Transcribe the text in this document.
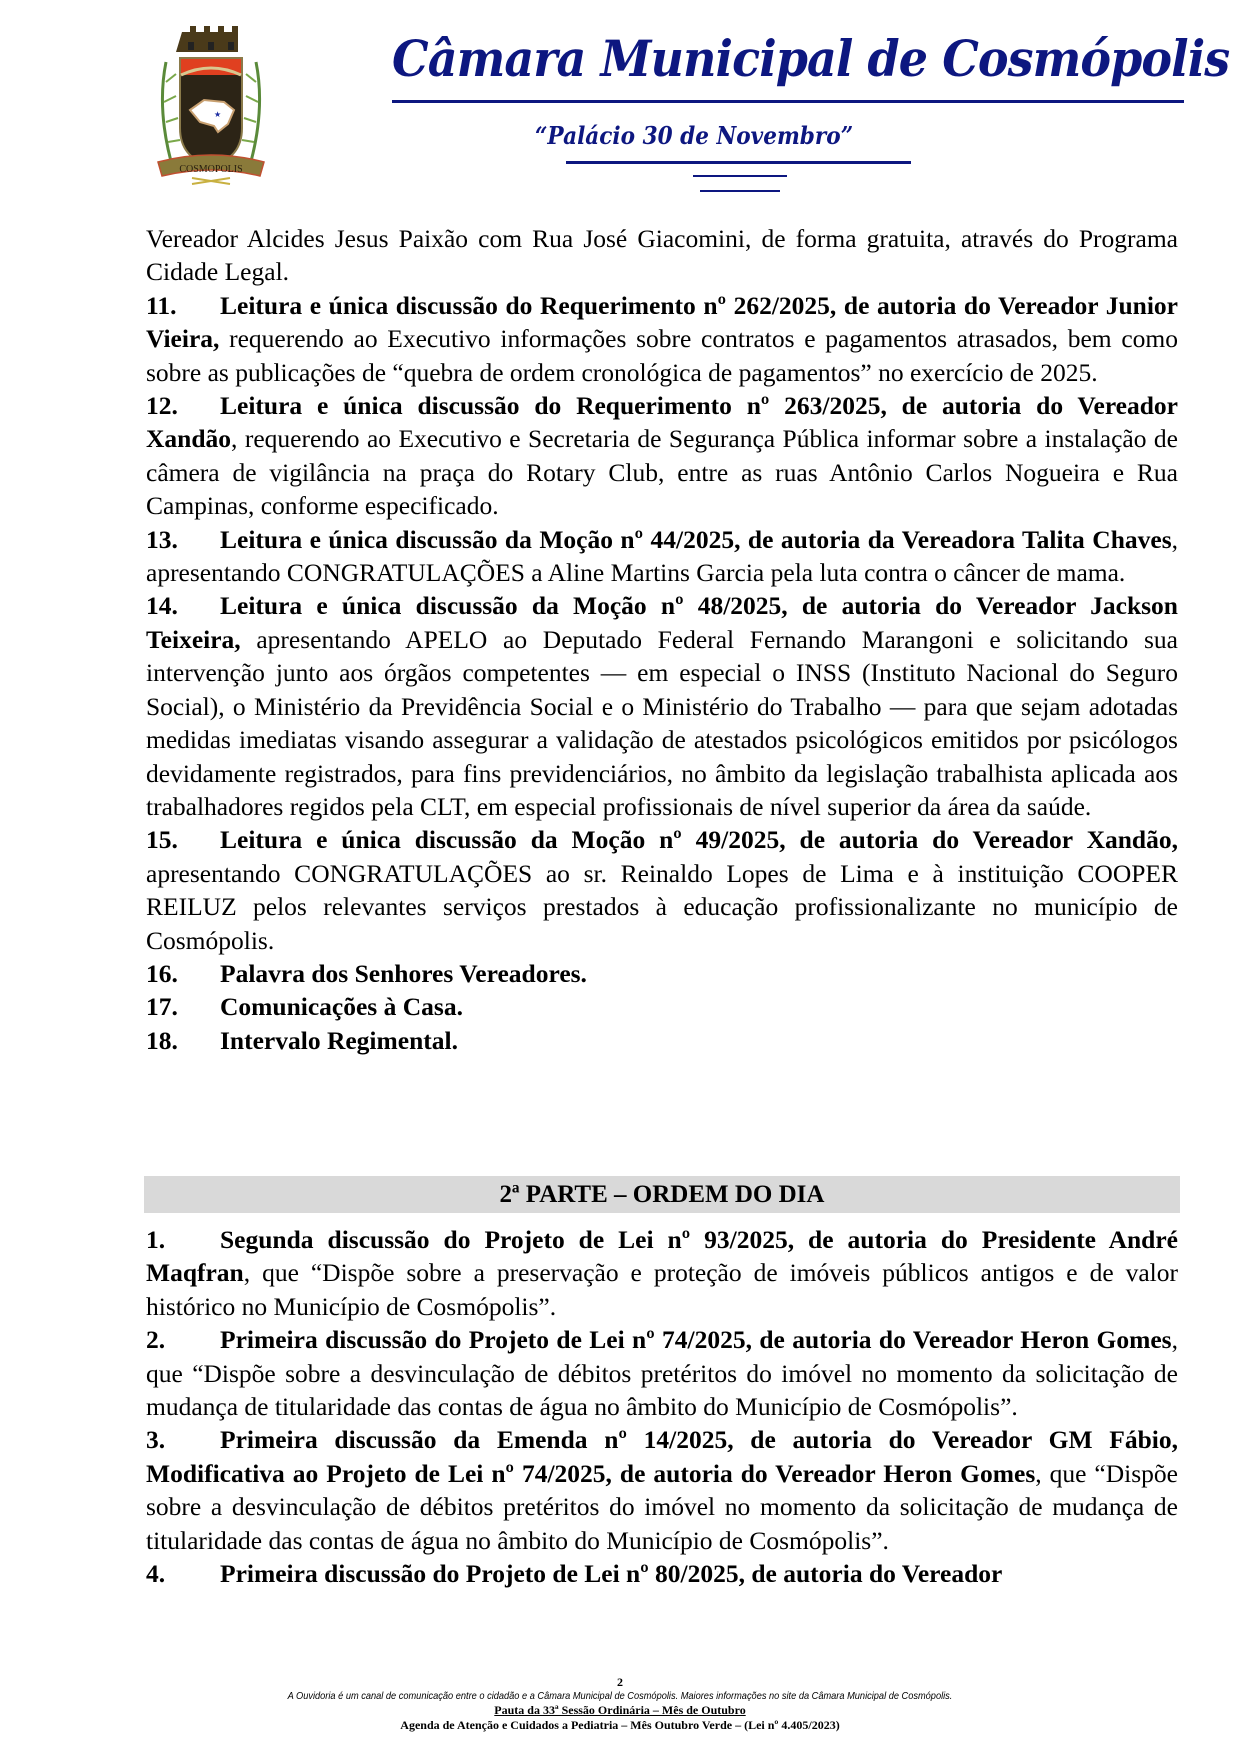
★
COSMOPOLIS
Câmara Municipal de Cosmópolis
“Palácio 30 de Novembro”

Vereador Alcides Jesus Paixão com Rua José Giacomini, de forma gratuita, através do Programa Cidade Legal.

11. Leitura e única discussão do Requerimento nº 262/2025, de autoria do Vereador Junior Vieira, requerendo ao Executivo informações sobre contratos e pagamentos atrasados, bem como sobre as publicações de “quebra de ordem cronológica de pagamentos” no exercício de 2025.

12. Leitura e única discussão do Requerimento nº 263/2025, de autoria do Vereador Xandão, requerendo ao Executivo e Secretaria de Segurança Pública informar sobre a instalação de câmera de vigilância na praça do Rotary Club, entre as ruas Antônio Carlos Nogueira e Rua Campinas, conforme especificado.

13. Leitura e única discussão da Moção nº 44/2025, de autoria da Vereadora Talita Chaves, apresentando CONGRATULAÇÕES a Aline Martins Garcia pela luta contra o câncer de mama.

14. Leitura e única discussão da Moção nº 48/2025, de autoria do Vereador Jackson Teixeira, apresentando APELO ao Deputado Federal Fernando Marangoni e solicitando sua intervenção junto aos órgãos competentes — em especial o INSS (Instituto Nacional do Seguro Social), o Ministério da Previdência Social e o Ministério do Trabalho — para que sejam adotadas medidas imediatas visando assegurar a validação de atestados psicológicos emitidos por psicólogos devidamente registrados, para fins previdenciários, no âmbito da legislação trabalhista aplicada aos trabalhadores regidos pela CLT, em especial profissionais de nível superior da área da saúde.

15. Leitura e única discussão da Moção nº 49/2025, de autoria do Vereador Xandão, apresentando CONGRATULAÇÕES ao sr. Reinaldo Lopes de Lima e à instituição COOPER REILUZ pelos relevantes serviços prestados à educação profissionalizante no município de Cosmópolis.

16. Palavra dos Senhores Vereadores.

17. Comunicações à Casa.

18. Intervalo Regimental.

2ª PARTE – ORDEM DO DIA

1. Segunda discussão do Projeto de Lei nº 93/2025, de autoria do Presidente André Maqfran, que “Dispõe sobre a preservação e proteção de imóveis públicos antigos e de valor histórico no Município de Cosmópolis”.

2. Primeira discussão do Projeto de Lei nº 74/2025, de autoria do Vereador Heron Gomes, que “Dispõe sobre a desvinculação de débitos pretéritos do imóvel no momento da solicitação de mudança de titularidade das contas de água no âmbito do Município de Cosmópolis”.

3. Primeira discussão da Emenda nº 14/2025, de autoria do Vereador GM Fábio, Modificativa ao Projeto de Lei nº 74/2025, de autoria do Vereador Heron Gomes, que “Dispõe sobre a desvinculação de débitos pretéritos do imóvel no momento da solicitação de mudança de titularidade das contas de água no âmbito do Município de Cosmópolis”.

4. Primeira discussão do Projeto de Lei nº 80/2025, de autoria do Vereador

2
A Ouvidoria é um canal de comunicação entre o cidadão e a Câmara Municipal de Cosmópolis. Maiores informações no site da Câmara Municipal de Cosmópolis.
Pauta da 33ª Sessão Ordinária – Mês de Outubro
Agenda de Atenção e Cuidados a Pediatria – Mês Outubro Verde – (Lei nº 4.405/2023)
